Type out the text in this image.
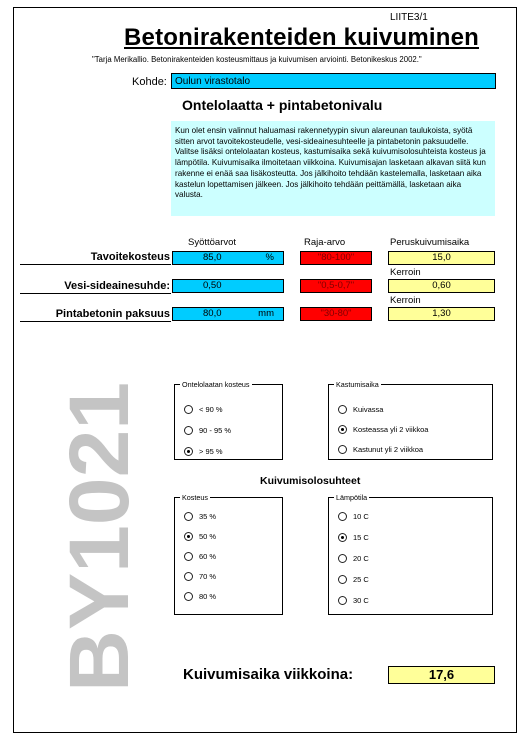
LIITE3/1
Betonirakenteiden kuivuminen
"Tarja Merikallio. Betonirakenteiden kosteusmittaus ja kuivumisen arviointi. Betonikeskus 2002."
Kohde: Oulun virastotalo
Ontelolaatta + pintabetonivalu
Kun olet ensin valinnut haluamasi rakennetyypin sivun alareunan taulukoista, syötä sitten arvot tavoitekosteudelle, vesi-sideainesuhteelle ja pintabetonin paksuudelle. Valitse lisäksi ontelolaatan kosteus, kastumisaika sekä kuivumisolosuhteista kosteus ja lämpötila. Kuivumisaika ilmoitetaan viikkoina. Kuivumisajan lasketaan alkavan siitä kun rakenne ei enää saa lisäkosteutta. Jos jälkihoito tehdään kastelemalla, lasketaan aika kastelun lopettamisen jälkeen. Jos jälkihoito tehdään peittämällä, lasketaan aika valusta.
Syöttöarvot	Raja-arvo	Peruskuivumisaika
Tavoitekosteus	85,0	%	"80-100"	15,0
Kerroin
Vesi-sideainesuhde:	0,50	"0,5-0,7"	0,60
Kerroin
Pintabetonin paksuus	80,0	mm	"30-80"	1,30
BY1021
Ontelolaatan kosteus
< 90 %
90 - 95 %
> 95 %
Kastumisaika
Kuivassa
Kosteassa yli 2 viikkoa
Kastunut yli 2 viikkoa
Kuivumisolosuhteet
Kosteus
35 %
50 %
60 %
70 %
80 %
Lämpötila
10 C
15 C
20 C
25 C
30 C
Kuivumisaika viikkoina:	17,6
